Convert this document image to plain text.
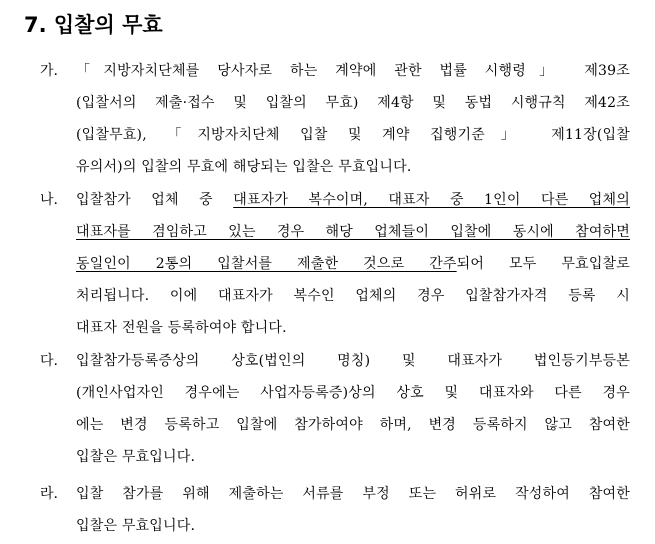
7. 입찰의 무효
가. 「지방자치단체를 당사자로 하는 계약에 관한 법률 시행령」 제39조
(입찰서의 제출·접수 및 입찰의 무효) 제4항 및 동법 시행규칙 제42조
(입찰무효), 「지방자치단체 입찰 및 계약 집행기준」 제11장(입찰
유의서)의 입찰의 무효에 해당되는 입찰은 무효입니다.
나. 입찰참가 업체 중 대표자가 복수이며, 대표자 중 1인이 다른 업체의
대표자를 겸임하고 있는 경우 해당 업체들이 입찰에 동시에 참여하면
동일인이 2통의 입찰서를 제출한 것으로 간주되어 모두 무효입찰로
처리됩니다. 이에 대표자가 복수인 업체의 경우 입찰참가자격 등록 시
대표자 전원을 등록하여야 합니다.
다. 입찰참가등록증상의 상호(법인의 명칭) 및 대표자가 법인등기부등본
(개인사업자인 경우에는 사업자등록증)상의 상호 및 대표자와 다른 경우
에는 변경 등록하고 입찰에 참가하여야 하며, 변경 등록하지 않고 참여한
입찰은 무효입니다.
라. 입찰 참가를 위해 제출하는 서류를 부정 또는 허위로 작성하여 참여한
입찰은 무효입니다.
